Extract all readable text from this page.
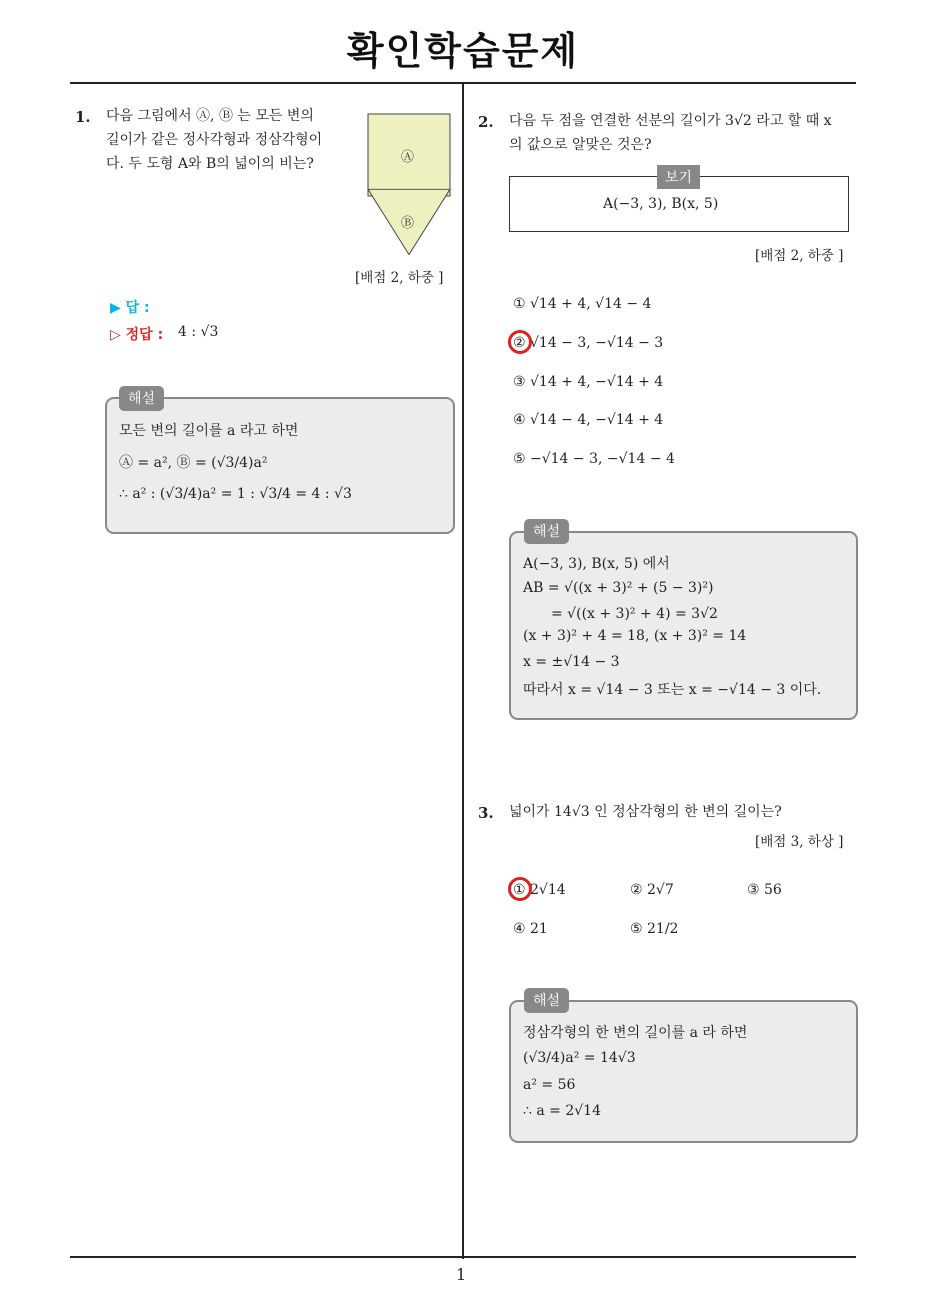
확인학습문제
1
1. 다음 그림에서 Ⓐ, Ⓑ 는 모든 변의
길이가 같은 정사각형과 정삼각형이
다. 두 도형 A와 B의 넓이의 비는?	Ⓐ
Ⓑ
[배점 2, 하중 ]
▶ 답 :
▷ 정답 : 4 : √3
해설
모든 변의 길이를 a 라고 하면
Ⓐ = a², Ⓑ = (√3/4)a²
∴ a² : (√3/4)a² = 1 : √3/4 = 4 : √3
2. 다음 두 점을 연결한 선분의 길이가 3√2 라고 할 때 x
의 값으로 알맞은 것은?
보기
A(−3, 3), B(x, 5)
[배점 2, 하중 ]
① √14 + 4, √14 − 4
② √14 − 3, −√14 − 3
③ √14 + 4, −√14 + 4
④ √14 − 4, −√14 + 4
⑤ −√14 − 3, −√14 − 4
해설
A(−3, 3), B(x, 5) 에서
AB = √((x + 3)² + (5 − 3)²)
= √((x + 3)² + 4) = 3√2
(x + 3)² + 4 = 18, (x + 3)² = 14
x = ±√14 − 3
따라서 x = √14 − 3 또는 x = −√14 − 3 이다.
3. 넓이가 14√3 인 정삼각형의 한 변의 길이는?
[배점 3, 하상 ]
① 2√14	② 2√7	③ 56
④ 21	⑤ 21/2
해설
정삼각형의 한 변의 길이를 a 라 하면
(√3/4)a² = 14√3
a² = 56
∴ a = 2√14
